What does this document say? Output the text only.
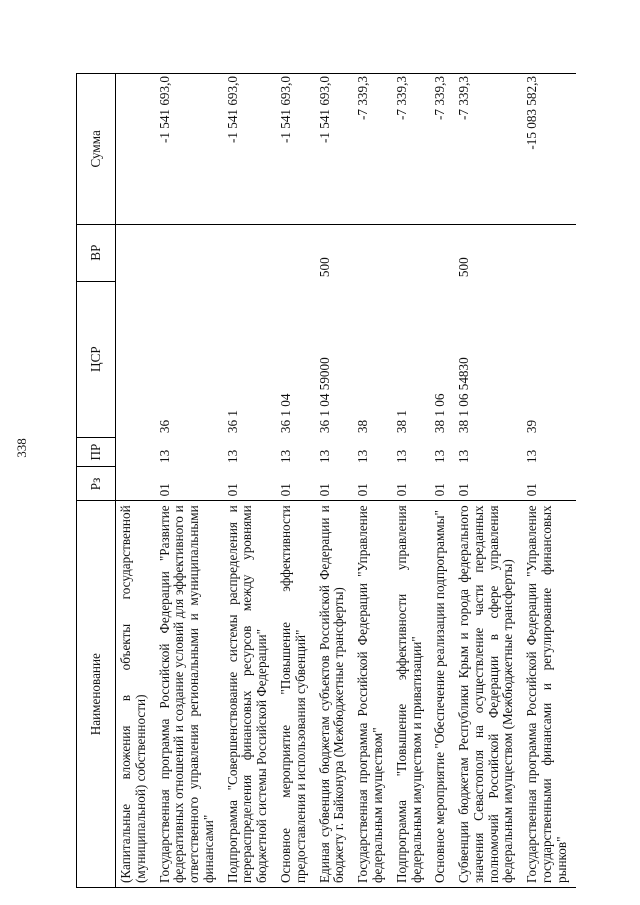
338
Наименование	Рз	ПР	ЦСР	ВР	Сумма
(Капитальные вложения в объекты государственной (муниципальной) собственности)					
Государственная программа Российской Федерации "Развитие федеративных отношений и создание условий для эффективного и ответственного управления региональными и муниципальными финансами"	01	13	36		-1 541 693,0
Подпрограмма "Совершенствование системы распределения и перераспределения финансовых ресурсов между уровнями бюджетной системы Российской Федерации"	01	13	36 1		-1 541 693,0
Основное мероприятие "Повышение эффективности предоставления и использования субвенций"	01	13	36 1 04		-1 541 693,0
Единая субвенция бюджетам субъектов Российской Федерации и бюджету г. Байконура (Межбюджетные трансферты)	01	13	36 1 04 59000	500	-1 541 693,0
Государственная программа Российской Федерации "Управление федеральным имуществом"	01	13	38		-7 339,3
Подпрограмма "Повышение эффективности управления федеральным имуществом и приватизации"	01	13	38 1		-7 339,3
Основное мероприятие "Обеспечение реализации подпрограммы"	01	13	38 1 06		-7 339,3
Субвенции бюджетам Республики Крым и города федерального значения Севастополя на осуществление части переданных полномочий Российской Федерации в сфере управления федеральным имуществом (Межбюджетные трансферты)	01	13	38 1 06 54830	500	-7 339,3
Государственная программа Российской Федерации "Управление государственными финансами и регулирование финансовых рынков"	01	13	39		-15 083 582,3
